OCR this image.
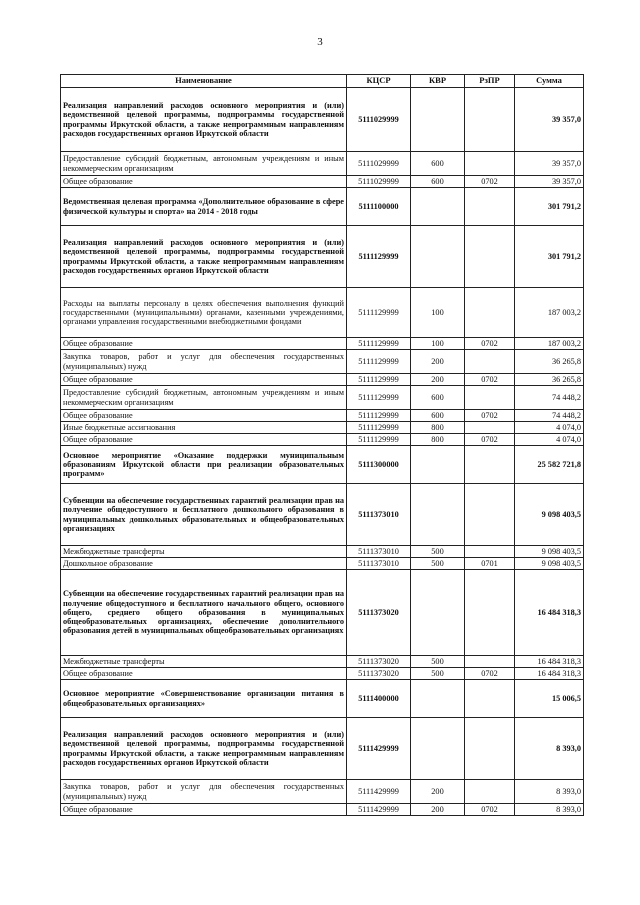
3
Наименование	КЦСР	КВР	РзПР	Сумма
Реализация направлений расходов основного мероприятия и (или) ведомственной целевой программы, подпрограммы государственной программы Иркутской области, а также непрограммным направлениям расходов государственных органов Иркутской области	5111029999			39 357,0
Предоставление субсидий бюджетным, автономным учреждениям и иным некоммерческим организациям	5111029999	600		39 357,0
Общее образование	5111029999	600	0702	39 357,0
Ведомственная целевая программа «Дополнительное образование в сфере физической культуры и спорта» на 2014 - 2018 годы	5111100000			301 791,2
Реализация направлений расходов основного мероприятия и (или) ведомственной целевой программы, подпрограммы государственной программы Иркутской области, а также непрограммным направлениям расходов государственных органов Иркутской области	5111129999			301 791,2
Расходы на выплаты персоналу в целях обеспечения выполнения функций государственными (муниципальными) органами, казенными учреждениями, органами управления государственными внебюджетными фондами	5111129999	100		187 003,2
Общее образование	5111129999	100	0702	187 003,2
Закупка товаров, работ и услуг для обеспечения государственных (муниципальных) нужд	5111129999	200		36 265,8
Общее образование	5111129999	200	0702	36 265,8
Предоставление субсидий бюджетным, автономным учреждениям и иным некоммерческим организациям	5111129999	600		74 448,2
Общее образование	5111129999	600	0702	74 448,2
Иные бюджетные ассигнования	5111129999	800		4 074,0
Общее образование	5111129999	800	0702	4 074,0
Основное мероприятие «Оказание поддержки муниципальным образованиям Иркутской области при реализации образовательных программ»	5111300000			25 582 721,8
Субвенции на обеспечение государственных гарантий реализации прав на получение общедоступного и бесплатного дошкольного образования в муниципальных дошкольных образовательных и общеобразовательных организациях	5111373010			9 098 403,5
Межбюджетные трансферты	5111373010	500		9 098 403,5
Дошкольное образование	5111373010	500	0701	9 098 403,5
Субвенции на обеспечение государственных гарантий реализации прав на получение общедоступного и бесплатного начального общего, основного общего, среднего общего образования в муниципальных общеобразовательных организациях, обеспечение дополнительного образования детей в муниципальных общеобразовательных организациях	5111373020			16 484 318,3
Межбюджетные трансферты	5111373020	500		16 484 318,3
Общее образование	5111373020	500	0702	16 484 318,3
Основное мероприятие «Совершенствование организации питания в общеобразовательных организациях»	5111400000			15 006,5
Реализация направлений расходов основного мероприятия и (или) ведомственной целевой программы, подпрограммы государственной программы Иркутской области, а также непрограммным направлениям расходов государственных органов Иркутской области	5111429999			8 393,0
Закупка товаров, работ и услуг для обеспечения государственных (муниципальных) нужд	5111429999	200		8 393,0
Общее образование	5111429999	200	0702	8 393,0
